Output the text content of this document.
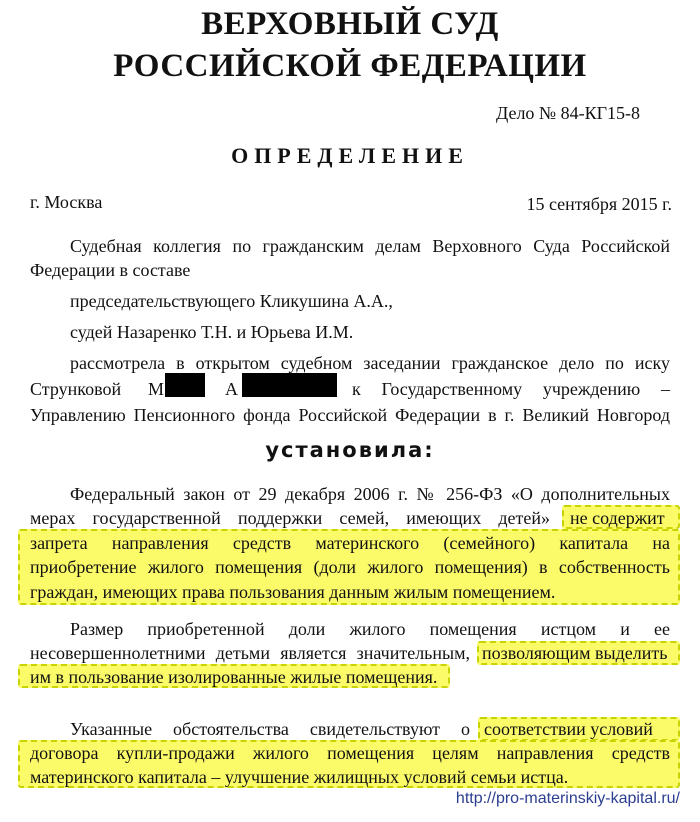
ВЕРХОВНЫЙ СУД
РОССИЙСКОЙ ФЕДЕРАЦИИ
Дело № 84-КГ15-8
ОПРЕДЕЛЕНИЕ
г. Москва	15 сентября 2015 г.
Судебная коллегия по гражданским делам Верховного Суда Российской
Федерации в составе
председательствующего Кликушина А.А.,
судей Назаренко Т.Н. и Юрьева И.М.
рассмотрела в открытом судебном заседании гражданское дело по иску
Струнковой М	А	к Государственному учреждению –
Управлению Пенсионного фонда Российской Федерации в г. Великий Новгород
установила:
Федеральный закон от 29 декабря 2006 г. № 256-ФЗ «О дополнительных
мерах государственной поддержки семей, имеющих детей» не содержит
запрета направления средств материнского (семейного) капитала на
приобретение жилого помещения (доли жилого помещения) в собственность
граждан, имеющих права пользования данным жилым помещением.
Размер приобретенной доли жилого помещения истцом и ее
несовершеннолетними детьми является значительным, позволяющим выделить
им в пользование изолированные жилые помещения.
Указанные обстоятельства свидетельствуют о соответствии условий
договора купли-продажи жилого помещения целям направления средств
материнского капитала – улучшение жилищных условий семьи истца.
http://pro-materinskiy-kapital.ru/
